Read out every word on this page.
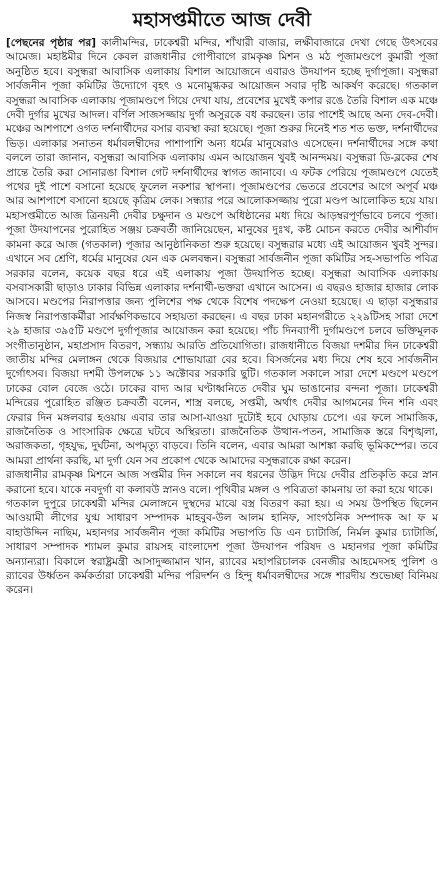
মহাসপ্তমীতে আজ দেবী

[পেছনের পৃষ্ঠার পর] কালীমন্দির, ঢাকেশ্বরী মন্দির, শাঁখারী বাজার, লক্ষীবাজারে দেখা গেছে উৎসবের আমেজ। মহাষ্টমীর দিনে কেবল রাজধানীর গোপীবাগে রামকৃষ্ণ মিশন ও মঠ পূজামণ্ডপে কুমারী পূজা অনুষ্ঠিত হবে। বসুন্ধরা আবাসিক এলাকায় বিশাল আয়োজনে এবারও উদযাপন হচ্ছে দুর্গাপূজা। বসুন্ধরা সার্বজনীন পূজা কমিটির উদ্যোগে বৃহৎ ও মনোমুগ্ধকর আয়োজন সবার দৃষ্টি আকর্ষণ করেছে। গতকাল বসুন্ধরা আবাসিক এলাকায় পূজামণ্ডপে গিয়ে দেখা যায়, প্রবেশের মুখেই কপার রঙে তৈরি বিশাল এক মঞ্চে দেবী দুর্গার মুখের আদল। বর্ণিল সাজসজ্জায় দুর্গা অসুরকে বধ করছেন। তার পাশেই আছে অন্য দেব-দেবী। মঞ্চের আশপাশে ওগত দর্শনার্থীদের বসার ব্যবস্থা করা হয়েছে। পূজা শুরুর দিনেই শত শত ভক্ত, দর্শনার্থীদের ভিড়। এলাকার সনাতন ধর্মাবলম্বীদের পাশাপাশি অন্য ধর্মের মানুষেরাও এসেছেন। দর্শনার্থীদের সঙ্গে কথা বললে তারা জানান, বসুন্ধরা আবাসিক এলাকায় এমন আয়োজন খুবই আনন্দময়। বসুন্ধরা ডি-ব্লকের শেষ প্রান্তে তৈরি করা সোনারঙা বিশাল গেট দর্শনার্থীদের স্বাগত জানাবে। এ ফটক পেরিয়ে পূজামণ্ডপে যেতেই পথের দুই পাশে বসানো হয়েছে ফুলেল নকশার স্থাপনা। পূজামণ্ডপের ভেতরে প্রবেশের আগে অপূর্ব মঞ্চ আর আশপাশে বসানো হয়েছে কৃত্রিম লেক। সন্ধ্যার পরে আলোকসজ্জায় পুরো মণ্ডপ আলোকিত হয়ে যায়। মহাসপ্তমীতে আজ ত্রিনয়নী দেবীর চক্ষুদান ও মণ্ডপে অধিষ্ঠানের মধ্য দিয়ে আড়ম্বরপূর্ণভাবে চলবে পূজা। পূজা উদযাপনের পুরোহিত সঞ্জয় চক্রবর্তী জানিয়েছেন, মানুষের দুঃখ, কষ্ট মোচন করতে দেবীর আশীর্বাদ কামনা করে আজ (গতকাল) পূজার আনুষ্ঠানিকতা শুরু হয়েছে। বসুন্ধরার মধ্যে এই আয়োজন খুবই সুন্দর। এখানে সব শ্রেণি, ধর্মের মানুষের যেন এক মেলবন্ধন। বসুন্ধরা সার্বজনীন পূজা কমিটির সহ-সভাপতি পবিত্র সরকার বলেন, কয়েক বছর ধরে এই এলাকায় পূজা উদযাপিত হচ্ছে। বসুন্ধরা আবাসিক এলাকায় বসবাসকারী ছাড়াও ঢাকার বিভিন্ন এলাকার দর্শনার্থী-ভক্তরা এখানে আসেন। এ বছরও হাজার হাজার লোক আসবে। মণ্ডপের নিরাপত্তার জন্য পুলিশের পক্ষ থেকে বিশেষ পদক্ষেপ নেওয়া হয়েছে। এ ছাড়া বসুন্ধরার নিজস্ব নিরাপত্তাকর্মীরা সার্বক্ষণিকভাবে সহায়তা করছেন। এ বছর ঢাকা মহানগরীতে ২২৯টিসহ সারা দেশে ২৯ হাজার ৩৯৫টি মণ্ডপে দুর্গাপূজার আয়োজন করা হয়েছে। পাঁচ দিনব্যাপী দুর্গামণ্ডপে চলবে ভক্তিমূলক সংগীতানুষ্ঠান, মহাপ্রসাদ বিতরণ, সন্ধ্যায় আরতি প্রতিযোগিতা। রাজধানীতে বিজয়া দশমীর দিন ঢাকেশ্বরী জাতীয় মন্দির মেলাঙ্গন থেকে বিজয়ার শোভাযাত্রা বের হবে। বিসর্জনের মধ্য দিয়ে শেষ হবে সার্বজনীন দুর্গোৎসব। বিজয়া দশমী উপলক্ষে ১১ অক্টোবর সরকারি ছুটি। গতকাল সকালে সারা দেশে মণ্ডপে মণ্ডপে ঢাকের বোল বেজে ওঠে। ঢাকের বাদ্য আর ঘণ্টাধ্বনিতে দেবীর ঘুম ভাঙানোর বন্দনা পূজা। ঢাকেশ্বরী মন্দিরের পুরোহিত রঞ্জিত চক্রবর্তী বলেন, শাস্ত্র বলছে, সপ্তমী, অর্থাৎ দেবীর আগমনের দিন শনি এবং ফেরার দিন মঙ্গলবার হওয়ায় এবার তার আসা-যাওয়া দুটোই হবে ঘোড়ায় চেপে। এর ফলে সামাজিক, রাজনৈতিক ও সাংসারিক ক্ষেত্রে ঘটবে অস্থিরতা। রাজনৈতিক উত্থান-পতন, সামাজিক স্তরে বিশৃঙ্খলা, অরাজকতা, গৃহযুদ্ধ, দুর্ঘটনা, অপমৃত্যু বাড়বে। তিনি বলেন, এবার আমরা আশঙ্কা করছি ভূমিকম্পের। তবে আমরা প্রার্থনা করছি, মা দুর্গা যেন সব প্রকোপ থেকে আমাদের বসুন্ধরাকে রক্ষা করেন।

রাজধানীর রামকৃষ্ণ মিশনে আজ সপ্তমীর দিন সকালে নব ধরনের উদ্ভিদ দিয়ে দেবীর প্রতিকৃতি করে স্নান করানো হবে। যাকে নবদুর্গা বা কলাবউ স্নানও বলে। পৃথিবীর মঙ্গল ও পবিত্রতা কামনায় তা করা হয়ে থাকে।

গতকাল দুপুরে ঢাকেশ্বরী মন্দির মেলাঙ্গনে দুস্থদের মাঝে বস্ত্র বিতরণ করা হয়। এ সময় উপস্থিত ছিলেন আওয়ামী লীগের যুগ্ম সাধারণ সম্পাদক মাহবুব-উল আলম হানিফ, সাংগঠনিক সম্পাদক আ ফ ম বাহাউদ্দিন নাছিম, মহানগর সার্বজনীন পূজা কমিটির সভাপতি ডি এন চ্যাটার্জি, নির্মল কুমার চ্যাটার্জি, সাধারণ সম্পাদক শ্যামল কুমার রায়সহ বাংলাদেশ পূজা উদযাপন পরিষদ ও মহানগর পূজা কমিটির অন্যান্যরা। বিকালে স্বরাষ্ট্রমন্ত্রী আসাদুজ্জামান খান, র‌্যাবের মহাপরিচালক বেনজীর আহমেদসহ পুলিশ ও র‌্যাবের উর্ধ্বতন কর্মকর্তারা ঢাকেশ্বরী মন্দির পরিদর্শন ও হিন্দু ধর্মাবলম্বীদের সঙ্গে শারদীয় শুভেচ্ছা বিনিময় করেন।
